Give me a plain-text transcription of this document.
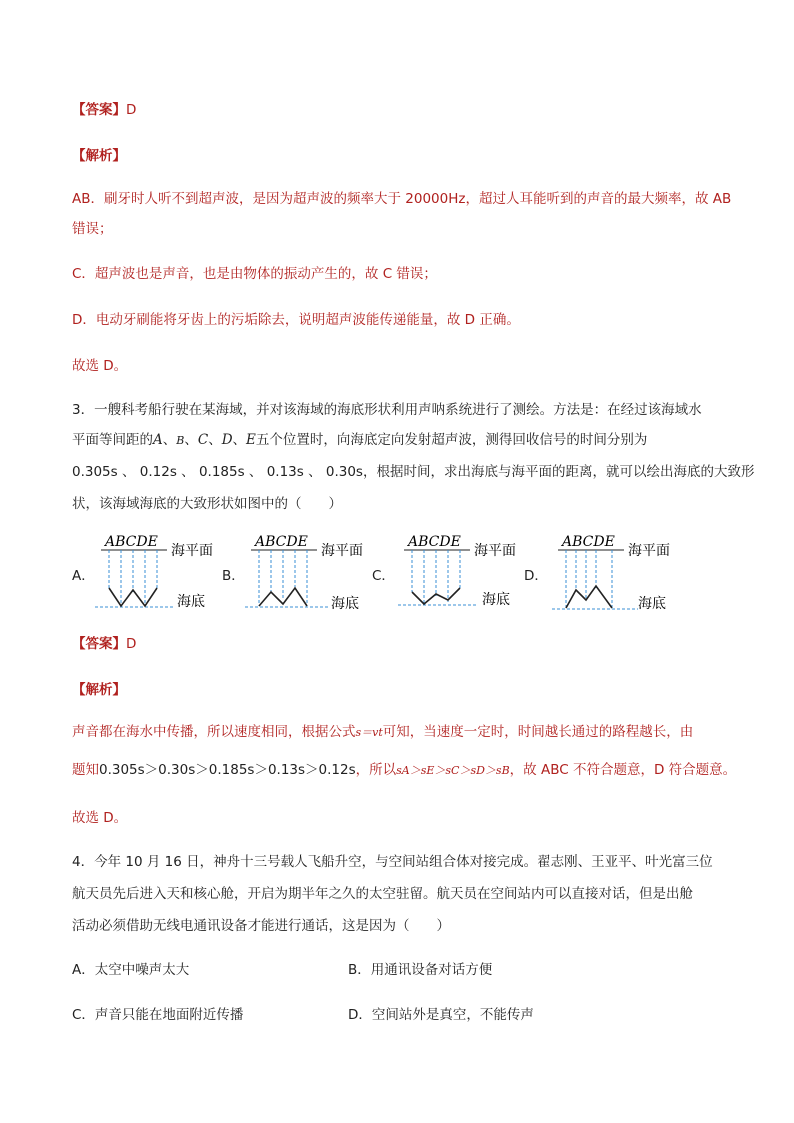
【答案】D
【解析】
AB．刷牙时人听不到超声波，是因为超声波的频率大于 20000Hz，超过人耳能听到的声音的最大频率，故 AB
错误；
C．超声波也是声音，也是由物体的振动产生的，故 C 错误；
D．电动牙刷能将牙齿上的污垢除去，说明超声波能传递能量，故 D 正确。
故选 D。
3．一艘科考船行驶在某海域，并对该海域的海底形状利用声呐系统进行了测绘。方法是：在经过该海域水
平面等间距的A、B、C、D、E五个位置时，向海底定向发射超声波，测得回收信号的时间分别为
0.305s 、 0.12s 、 0.185s 、 0.13s 、 0.30s，根据时间，求出海底与海平面的距离，就可以绘出海底的大致形
状，该海域海底的大致形状如图中的（　　）
A．	B．	C．	D．
ABCDE
海平面
海底
ABCDE
海平面
海底
ABCDE
海平面
海底
ABCDE
海平面
海底
【答案】D
【解析】
声音都在海水中传播，所以速度相同，根据公式s＝vt可知，当速度一定时，时间越长通过的路程越长，由
题知0.305s＞0.30s＞0.185s＞0.13s＞0.12s，所以sA＞sE＞sC＞sD＞sB，故 ABC 不符合题意，D 符合题意。
故选 D。
4．今年 10 月 16 日，神舟十三号载人飞船升空，与空间站组合体对接完成。翟志刚、王亚平、叶光富三位
航天员先后进入天和核心舱，开启为期半年之久的太空驻留。航天员在空间站内可以直接对话，但是出舱
活动必须借助无线电通讯设备才能进行通话，这是因为（　　）
A．太空中噪声太大	B．用通讯设备对话方便
C．声音只能在地面附近传播	D．空间站外是真空，不能传声
